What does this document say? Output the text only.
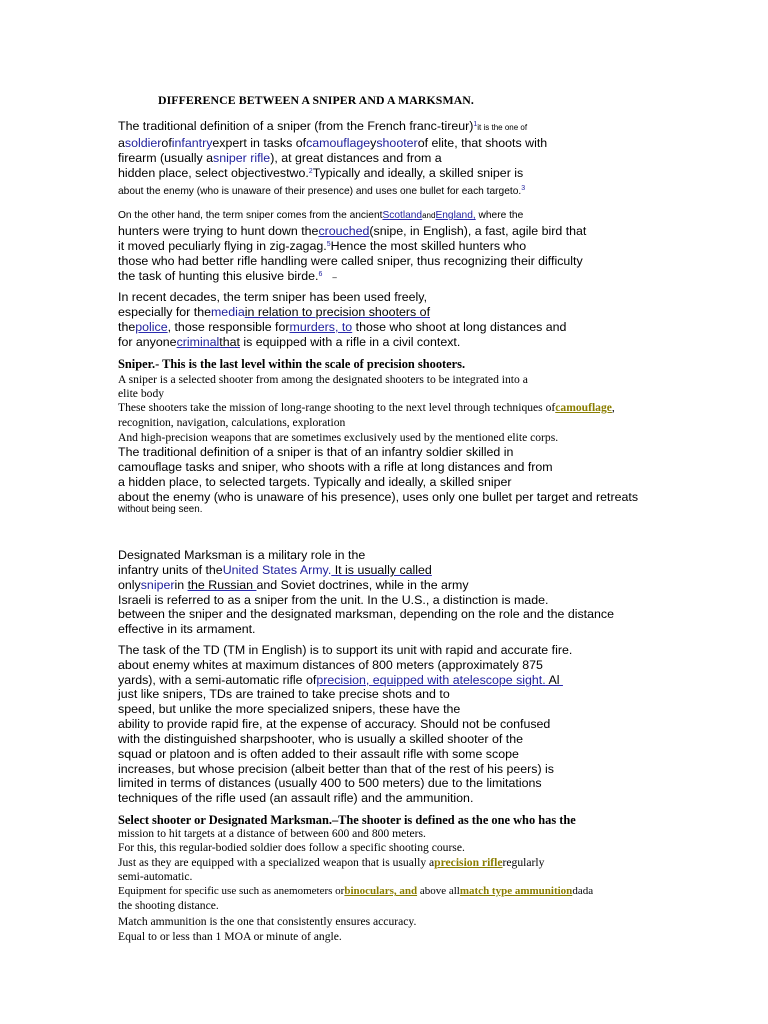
DIFFERENCE BETWEEN A SNIPER AND A MARKSMAN.
The traditional definition of a sniper (from the French franc-tireur)$^1$it is the one of
asoldierofinfantryexpert in tasks ofcamouflageyshooterof elite, that shoots with
firearm (usually asniper rifle), at great distances and from a
hidden place, select objectivestwo.$^2$Typically and ideally, a skilled sniper is
about the enemy (who is unaware of their presence) and uses one bullet for each targeto.$^3$
On the other hand, the term sniper comes from the ancientScotlandandEngland, where the
hunters were trying to hunt down thecrouched(snipe, in English), a fast, agile bird that
it moved peculiarly flying in zig-zagag.$^5$Hence the most skilled hunters who
those who had better rifle handling were called sniper, thus recognizing their difficulty
the task of hunting this elusive birde.$^6$ –
In recent decades, the term sniper has been used freely,
especially for themediain relation to precision shooters of
thepolice, those responsible formurders, to those who shoot at long distances and
for anyonecriminalthat is equipped with a rifle in a civil context.
Sniper.- This is the last level within the scale of precision shooters.
A sniper is a selected shooter from among the designated shooters to be integrated into a
elite body
These shooters take the mission of long-range shooting to the next level through techniques ofcamouflage,
recognition, navigation, calculations, exploration
And high-precision weapons that are sometimes exclusively used by the mentioned elite corps.
The traditional definition of a sniper is that of an infantry soldier skilled in
camouflage tasks and sniper, who shoots with a rifle at long distances and from
a hidden place, to selected targets. Typically and ideally, a skilled sniper
about the enemy (who is unaware of his presence), uses only one bullet per target and retreats
without being seen.
Designated Marksman is a military role in the
infantry units of theUnited States Army. It is usually called
onlysniperin the Russian and Soviet doctrines, while in the army
Israeli is referred to as a sniper from the unit. In the U.S., a distinction is made.
between the sniper and the designated marksman, depending on the role and the distance
effective in its armament.
The task of the TD (TM in English) is to support its unit with rapid and accurate fire.
about enemy whites at maximum distances of 800 meters (approximately 875
yards), with a semi-automatic rifle ofprecision, equipped with atelescope sight. Al
just like snipers, TDs are trained to take precise shots and to
speed, but unlike the more specialized snipers, these have the
ability to provide rapid fire, at the expense of accuracy. Should not be confused
with the distinguished sharpshooter, who is usually a skilled shooter of the
squad or platoon and is often added to their assault rifle with some scope
increases, but whose precision (albeit better than that of the rest of his peers) is
limited in terms of distances (usually 400 to 500 meters) due to the limitations
techniques of the rifle used (an assault rifle) and the ammunition.
Select shooter or Designated Marksman.–The shooter is defined as the one who has the
mission to hit targets at a distance of between 600 and 800 meters.
For this, this regular-bodied soldier does follow a specific shooting course.
Just as they are equipped with a specialized weapon that is usually aprecision rifleregularly
semi-automatic.
Equipment for specific use such as anemometers orbinoculars, and above allmatch type ammunitiondada
the shooting distance.
Match ammunition is the one that consistently ensures accuracy.
Equal to or less than 1 MOA or minute of angle.
